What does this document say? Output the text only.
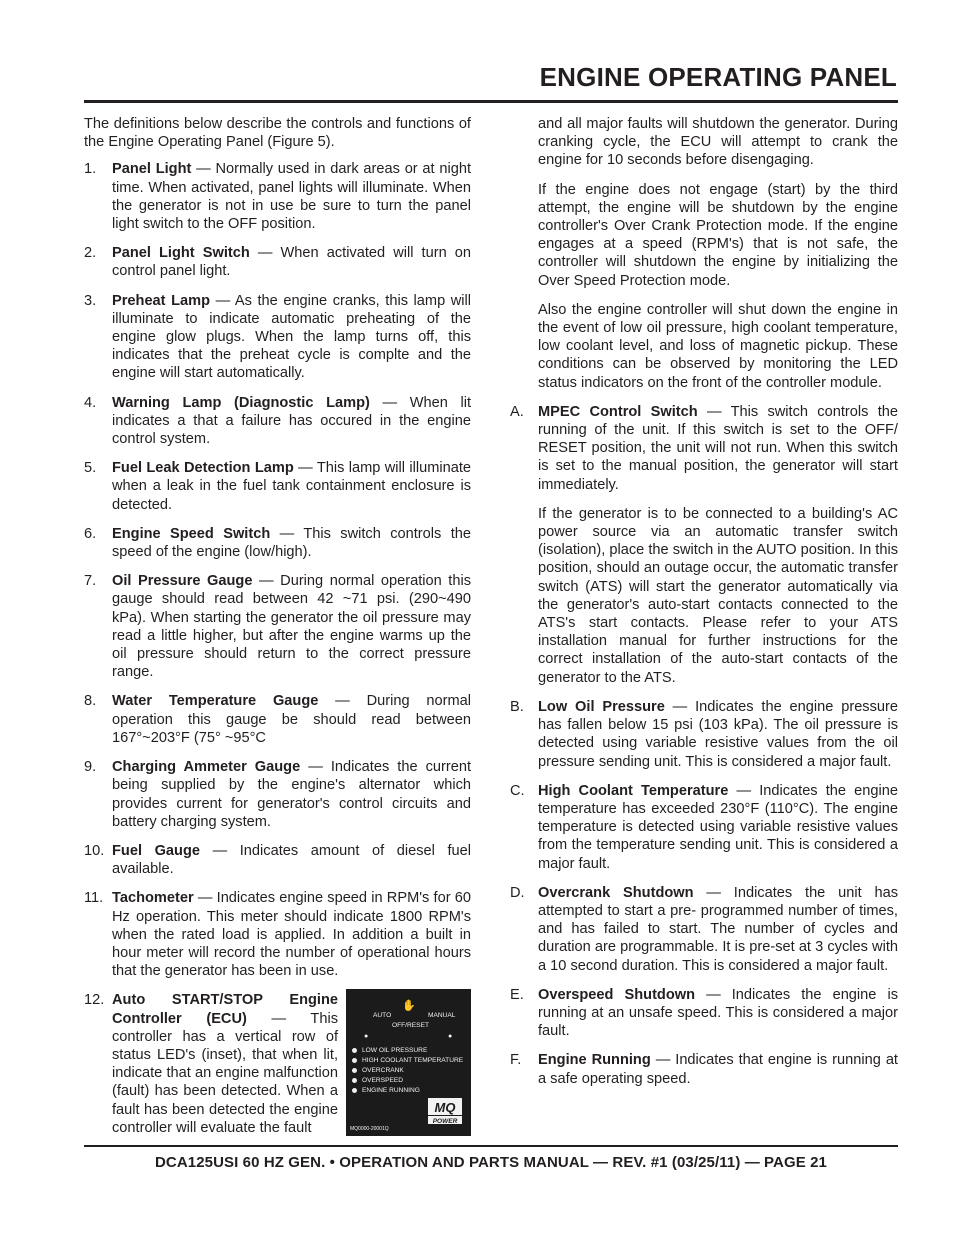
ENGINE OPERATING PANEL

The definitions below describe the controls and functions of the Engine Operating Panel (Figure 5).

1.	Panel Light — Normally used in dark areas or at night time. When activated, panel lights will illuminate. When the generator is not in use be sure to turn the panel light switch to the OFF position.
2.	Panel Light Switch — When activated will turn on control panel light.
3.	Preheat Lamp — As the engine cranks, this lamp will illuminate to indicate automatic preheating of the engine glow plugs. When the lamp turns off, this indicates that the preheat cycle is complte and the engine will start automatically.
4.	Warning Lamp (Diagnostic Lamp) — When lit indicates a that a failure has occured in the engine control system.
5.	Fuel Leak Detection Lamp — This lamp will illuminate when a leak in the fuel tank containment enclosure is detected.
6.	Engine Speed Switch — This switch controls the speed of the engine (low/high).
7.	Oil Pressure Gauge — During normal operation this gauge should read between 42 ~71 psi. (290~490 kPa). When starting the generator the oil pressure may read a little higher, but after the engine warms up the oil pressure should return to the correct pressure range.
8.	Water Temperature Gauge — During normal operation this gauge be should read between 167°~203°F (75° ~95°C
9.	Charging Ammeter Gauge — Indicates the current being supplied by the engine's alternator which provides current for generator's control circuits and battery charging system.
10. Fuel Gauge — Indicates amount of diesel fuel available.
11. Tachometer — Indicates engine speed in RPM's for 60 Hz operation. This meter should indicate 1800 RPM's when the rated load is applied. In addition a built in hour meter will record the number of operational hours that the generator has been in use.
12. Auto START/STOP Engine Controller (ECU) — This controller has a vertical row of status LED's (inset), that when lit, indicate that an engine malfunction (fault) has been detected. When a fault has been detected the engine controller will evaluate the fault
AUTO
✋
MANUAL
OFF/RESET
●	●
LOW OIL PRESSURE
HIGH COOLANT TEMPERATURE
OVERCRANK
OVERSPEED
ENGINE RUNNING
MQ
POWER
MQ0000-20001Q

and all major faults will shutdown the generator. During cranking cycle, the ECU will attempt to crank the engine for 10 seconds before disengaging.

If the engine does not engage (start) by the third attempt, the engine will be shutdown by the engine controller's Over Crank Protection mode. If the engine engages at a speed (RPM's) that is not safe, the controller will shutdown the engine by initializing the Over Speed Protection mode.

Also the engine controller will shut down the engine in the event of low oil pressure, high coolant temperature, low coolant level, and loss of magnetic pickup. These conditions can be observed by monitoring the LED status indicators on the front of the controller module.

A. MPEC Control Switch — This switch controls the running of the unit. If this switch is set to the OFF/ RESET position, the unit will not run. When this switch is set to the manual position, the generator will start immediately.

If the generator is to be connected to a building's AC power source via an automatic transfer switch (isolation), place the switch in the AUTO position. In this position, should an outage occur, the automatic transfer switch (ATS) will start the generator automatically via the generator's auto-start contacts connected to the ATS's start contacts. Please refer to your ATS installation manual for further instructions for the correct installation of the auto-start contacts of the generator to the ATS.

B. Low Oil Pressure — Indicates the engine pressure has fallen below 15 psi (103 kPa). The oil pressure is detected using variable resistive values from the oil pressure sending unit. This is considered a major fault.
C. High Coolant Temperature — Indicates the engine temperature has exceeded 230°F (110°C). The engine temperature is detected using variable resistive values from the temperature sending unit. This is considered a major fault.
D. Overcrank Shutdown — Indicates the unit has attempted to start a pre- programmed number of times, and has failed to start. The number of cycles and duration are programmable. It is pre-set at 3 cycles with a 10 second duration. This is considered a major fault.
E. Overspeed Shutdown — Indicates the engine is running at an unsafe speed. This is considered a major fault.
F.	Engine Running — Indicates that engine is running at a safe operating speed.
DCA125USI 60 HZ GEN. • OPERATION AND PARTS MANUAL — REV. #1 (03/25/11) — PAGE 21
